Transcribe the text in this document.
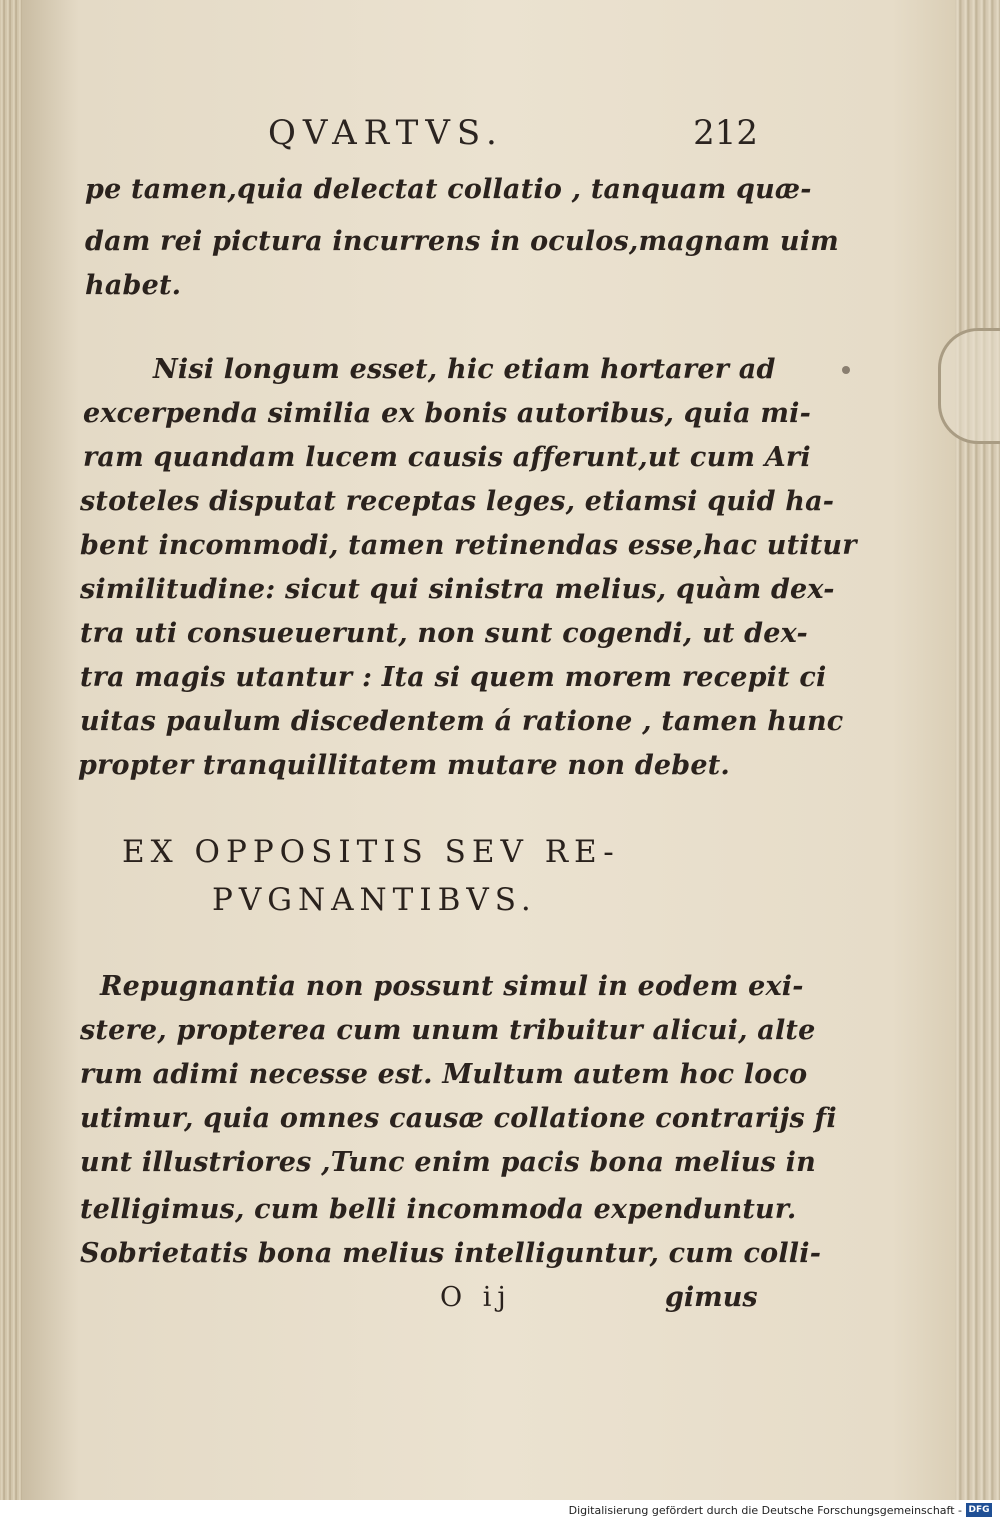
QVARTVS.	212
pe tamen,quia delectat collatio , tanquam quæ-
dam rei pictura incurrens in oculos,magnam uim
habet.
Nisi longum esset, hic etiam hortarer ad
excerpenda similia ex bonis autoribus, quia mi-
ram quandam lucem causis afferunt,ut cum Ari
stoteles disputat receptas leges, etiamsi quid ha-
bent incommodi, tamen retinendas esse,hac utitur
similitudine: sicut qui sinistra melius, quàm dex-
tra uti consueuerunt, non sunt cogendi, ut dex-
tra magis utantur : Ita si quem morem recepit ci
uitas paulum discedentem á ratione , tamen hunc
propter tranquillitatem mutare non debet.
EX OPPOSITIS SEV RE-
PVGNANTIBVS.
Repugnantia non possunt simul in eodem exi-
stere, propterea cum unum tribuitur alicui, alte
rum adimi necesse est. Multum autem hoc loco
utimur, quia omnes causæ collatione contrarijs fi
unt illustriores ,Tunc enim pacis bona melius in
telligimus, cum belli incommoda expenduntur.
Sobrietatis bona melius intelliguntur, cum colli-
O ij	gimus
Digitalisierung gefördert durch die Deutsche Forschungsgemeinschaft - DFG
